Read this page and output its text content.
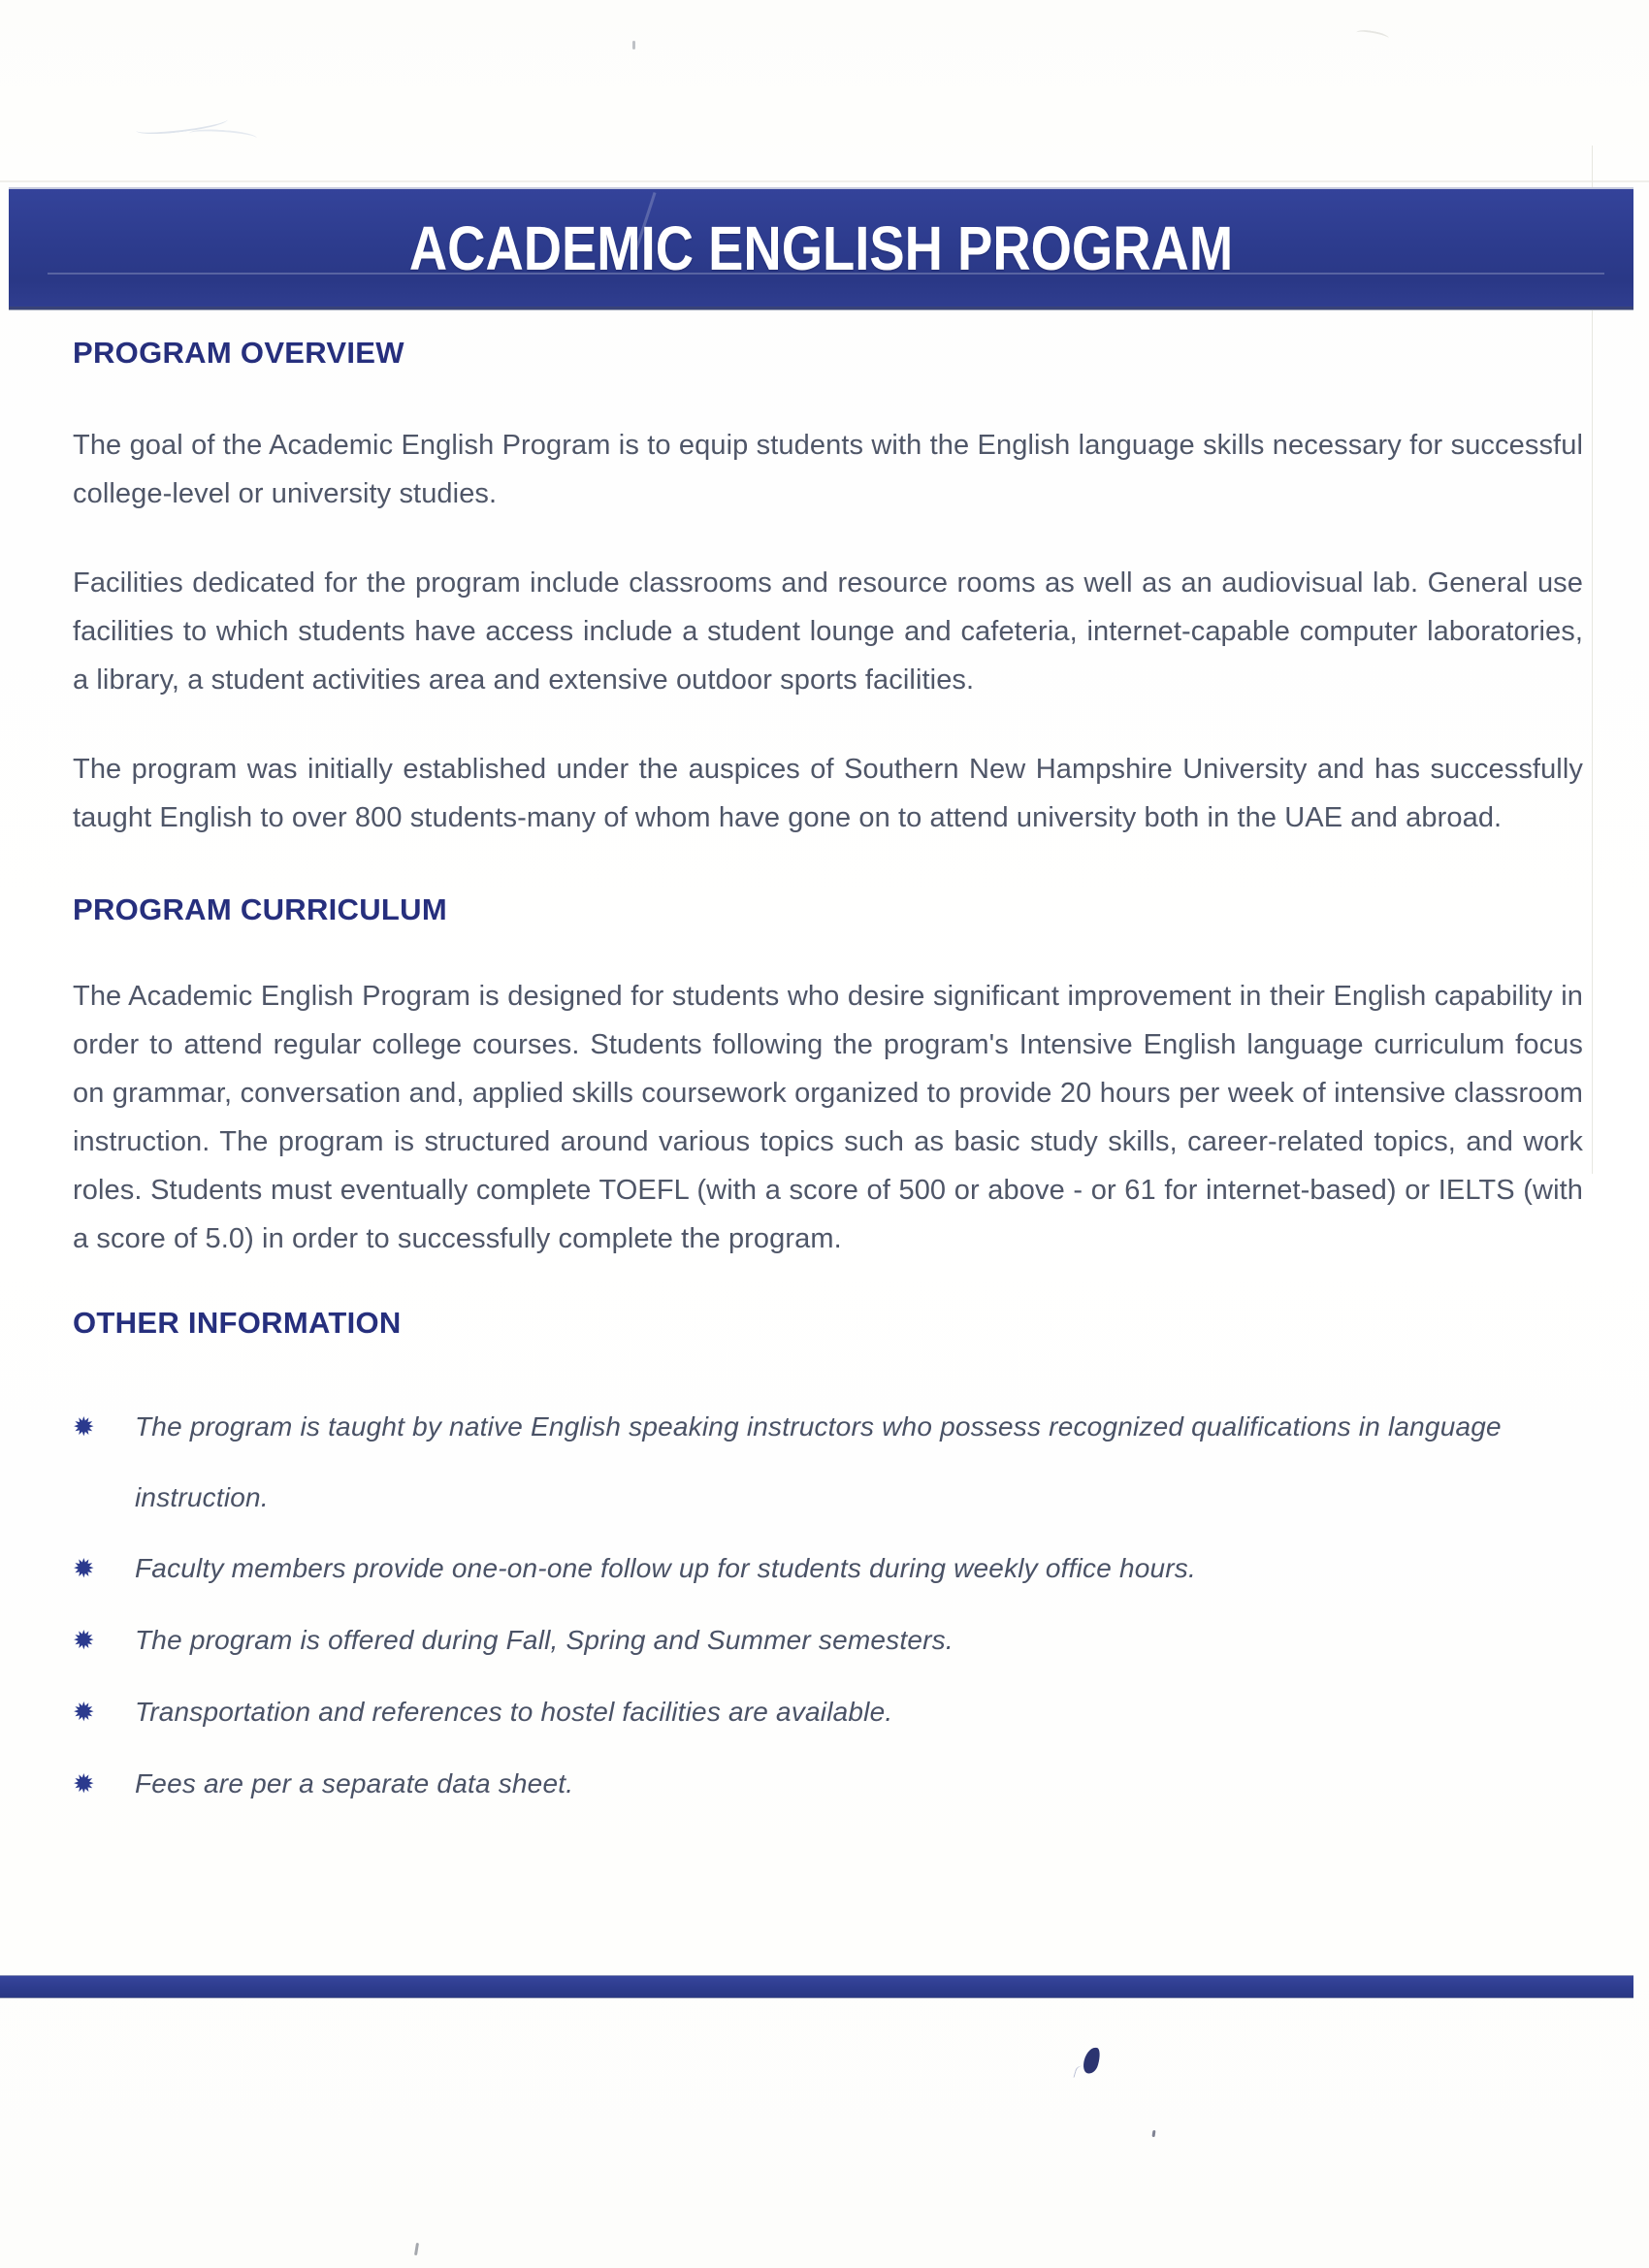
ACADEMIC ENGLISH PROGRAM
PROGRAM OVERVIEW

The goal of the Academic English Program is to equip students with the English language skills necessary for successful college-level or university studies.

Facilities dedicated for the program include classrooms and resource rooms as well as an audiovisual lab. General use facilities to which students have access include a student lounge and cafeteria, internet-capable computer laboratories, a library, a student activities area and extensive outdoor sports facilities.

The program was initially established under the auspices of Southern New Hampshire University and has successfully taught English to over 800 students-many of whom have gone on to attend university both in the UAE and abroad.

PROGRAM CURRICULUM

The Academic English Program is designed for students who desire significant improvement in their English capability in order to attend regular college courses. Students following the program's Intensive English language curriculum focus on grammar, conversation and, applied skills coursework organized to provide 20 hours per week of intensive classroom instruction. The program is structured around various topics such as basic study skills, career-related topics, and work roles. Students must eventually complete TOEFL (with a score of 500 or above - or 61 for internet-based) or IELTS (with a score of 5.0) in order to successfully complete the program.

OTHER INFORMATION
✹	The program is taught by native English speaking instructors who possess recognized qualifications in language instruction.
✹	Faculty members provide one-on-one follow up for students during weekly office hours.
✹	The program is offered during Fall, Spring and Summer semesters.
✹	Transportation and references to hostel facilities are available.
✹	Fees are per a separate data sheet.
